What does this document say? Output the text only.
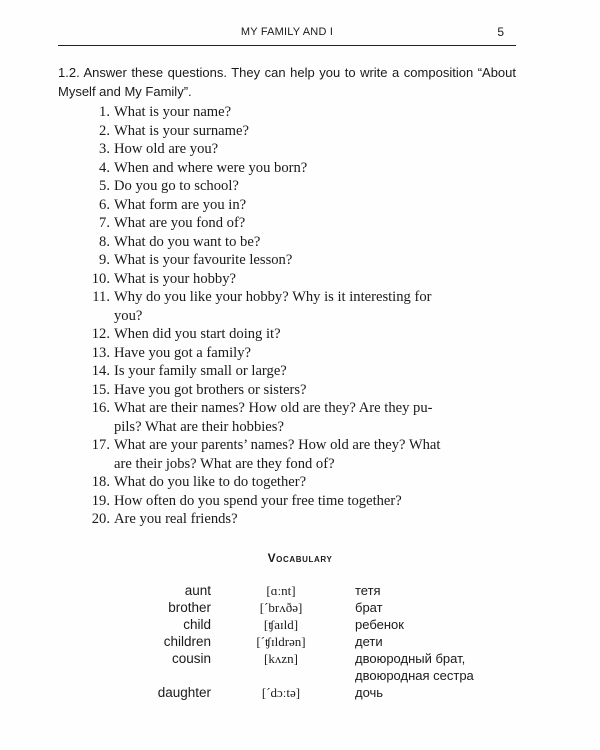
MY FAMILY AND I	5
1.2. Answer these questions. They can help you to write a composition “About Myself and My Family”.
1. What is your name?
2. What is your surname?
3. How old are you?
4. When and where were you born?
5. Do you go to school?
6. What form are you in?
7. What are you fond of?
8. What do you want to be?
9. What is your favourite lesson?
10. What is your hobby?
11. Why do you like your hobby? Why is it interesting for
you?
12. When did you start doing it?
13. Have you got a family?
14. Is your family small or large?
15. Have you got brothers or sisters?
16. What are their names? How old are they? Are they pu-
pils? What are their hobbies?
17. What are your parents’ names? How old are they? What
are their jobs? What are they fond of?
18. What do you like to do together?
19. How often do you spend your free time together?
20. Are you real friends?
Vocabulary
aunt	[ɑːnt]	тетя
brother	[ˊbrʌðə]	брат
child	[ʧaɪld]	ребенок
children	[ˊʧɪldrən]	дети
cousin	[kʌzn]	двоюродный брат,
двоюродная сестра
daughter	[ˊdɔːtə]	дочь
